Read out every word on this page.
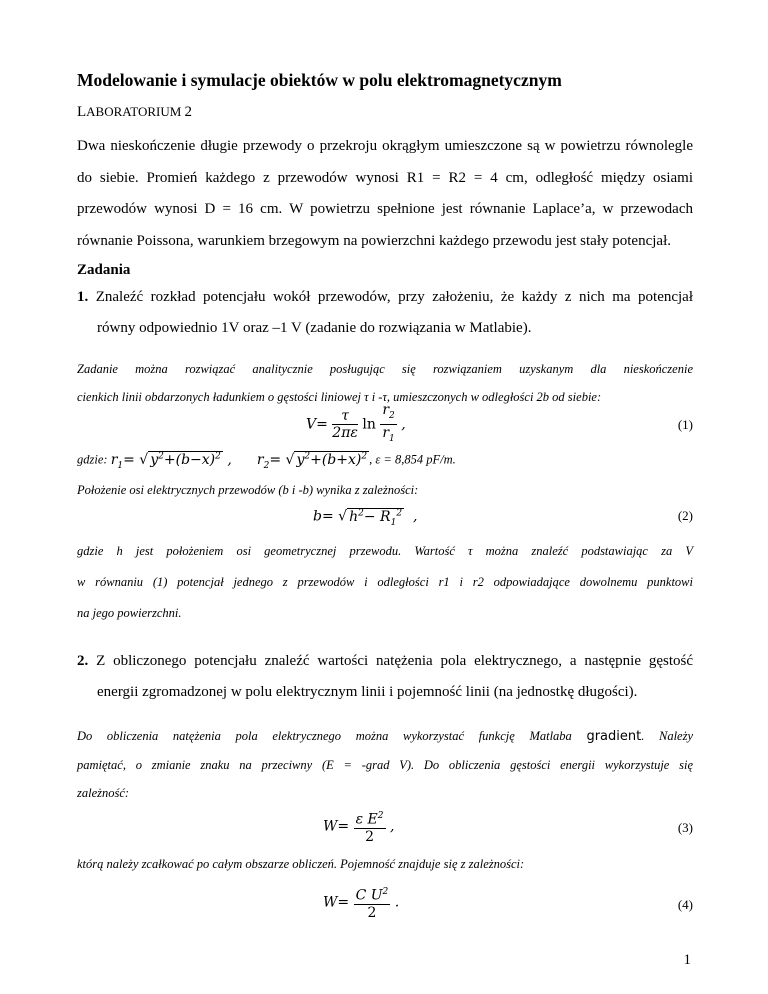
Modelowanie i symulacje obiektów w polu elektromagnetycznym
LABORATORIUM 2
Dwa nieskończenie długie przewody o przekroju okrągłym umieszczone są w powietrzu równolegle
do siebie. Promień każdego z przewodów wynosi R1 = R2 = 4 cm, odległość między osiami
przewodów wynosi D = 16 cm. W powietrzu spełnione jest równanie Laplace’a, w przewodach
równanie Poissona, warunkiem brzegowym na powierzchni każdego przewodu jest stały potencjał.
Zadania
1. Znaleźć rozkład potencjału wokół przewodów, przy założeniu, że każdy z nich ma potencjał
równy odpowiednio 1V oraz –1 V (zadanie do rozwiązania w Matlabie).
Zadanie można rozwiązać analitycznie posługując się rozwiązaniem uzyskanym dla nieskończenie
cienkich linii obdarzonych ładunkiem o gęstości liniowej τ i -τ, umieszczonych w odległości 2b od siebie:
$V= \frac{\tau}{2\pi\varepsilon}$ $\ln \frac{r_2}{r_1}$ ,	(1)
gdzie: $r_1=$ √ $y^2+(b-x)^2$ , $r_2=$ √ $y^2+(b+x)^2$ , ε = 8,854 pF/m.
Położenie osi elektrycznych przewodów (b i -b) wynika z zależności:
b= √ $h^2- R_1^2$  ,	(2)
gdzie h jest położeniem osi geometrycznej przewodu. Wartość τ można znaleźć podstawiając za V
w równaniu (1) potencjał jednego z przewodów i odległości r1 i r2 odpowiadające dowolnemu punktowi
na jego powierzchni.
2. Z obliczonego potencjału znaleźć wartości natężenia pola elektrycznego, a następnie gęstość
energii zgromadzonej w polu elektrycznym linii i pojemność linii (na jednostkę długości).
Do obliczenia natężenia pola elektrycznego można wykorzystać funkcję Matlaba gradient. Należy
pamiętać, o zmianie znaku na przeciwny (E = -grad V). Do obliczenia gęstości energii wykorzystuje się
zależność:
$W= \frac{\varepsilon E^2}{2}$ ,	(3)
którą należy zcałkować po całym obszarze obliczeń. Pojemność znajduje się z zależności:
$W= \frac{C U^2}{2}$ .	(4)
1
